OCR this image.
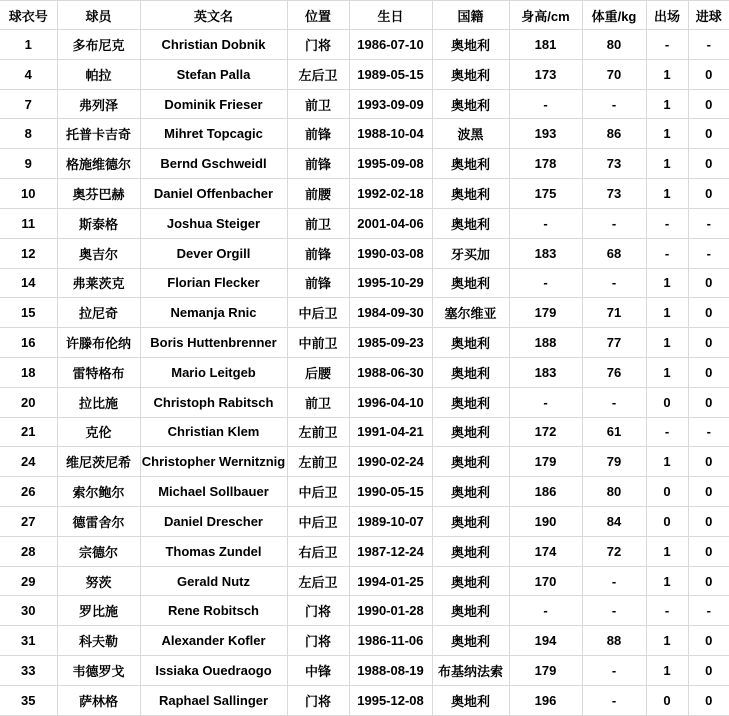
球衣号	球员	英文名	位置	生日	国籍	身高/cm	体重/kg	出场	进球
1	多布尼克	Christian Dobnik	门将	1986-07-10	奥地利	181	80	-	-
4	帕拉	Stefan Palla	左后卫	1989-05-15	奥地利	173	70	1	0
7	弗列泽	Dominik Frieser	前卫	1993-09-09	奥地利	-	-	1	0
8	托普卡吉奇	Mihret Topcagic	前锋	1988-10-04	波黑	193	86	1	0
9	格施维德尔	Bernd Gschweidl	前锋	1995-09-08	奥地利	178	73	1	0
10	奥芬巴赫	Daniel Offenbacher	前腰	1992-02-18	奥地利	175	73	1	0
11	斯泰格	Joshua Steiger	前卫	2001-04-06	奥地利	-	-	-	-
12	奥吉尔	Dever Orgill	前锋	1990-03-08	牙买加	183	68	-	-
14	弗莱茨克	Florian Flecker	前锋	1995-10-29	奥地利	-	-	1	0
15	拉尼奇	Nemanja Rnic	中后卫	1984-09-30	塞尔维亚	179	71	1	0
16	许滕布伦纳	Boris Huttenbrenner	中前卫	1985-09-23	奥地利	188	77	1	0
18	雷特格布	Mario Leitgeb	后腰	1988-06-30	奥地利	183	76	1	0
20	拉比施	Christoph Rabitsch	前卫	1996-04-10	奥地利	-	-	0	0
21	克伦	Christian Klem	左前卫	1991-04-21	奥地利	172	61	-	-
24	维尼茨尼希	Christopher Wernitznig	左前卫	1990-02-24	奥地利	179	79	1	0
26	索尔鲍尔	Michael Sollbauer	中后卫	1990-05-15	奥地利	186	80	0	0
27	德雷舍尔	Daniel Drescher	中后卫	1989-10-07	奥地利	190	84	0	0
28	宗德尔	Thomas Zundel	右后卫	1987-12-24	奥地利	174	72	1	0
29	努茨	Gerald Nutz	左后卫	1994-01-25	奥地利	170	-	1	0
30	罗比施	Rene Robitsch	门将	1990-01-28	奥地利	-	-	-	-
31	科夫勒	Alexander Kofler	门将	1986-11-06	奥地利	194	88	1	0
33	韦德罗戈	Issiaka Ouedraogo	中锋	1988-08-19	布基纳法索	179	-	1	0
35	萨林格	Raphael Sallinger	门将	1995-12-08	奥地利	196	-	0	0
